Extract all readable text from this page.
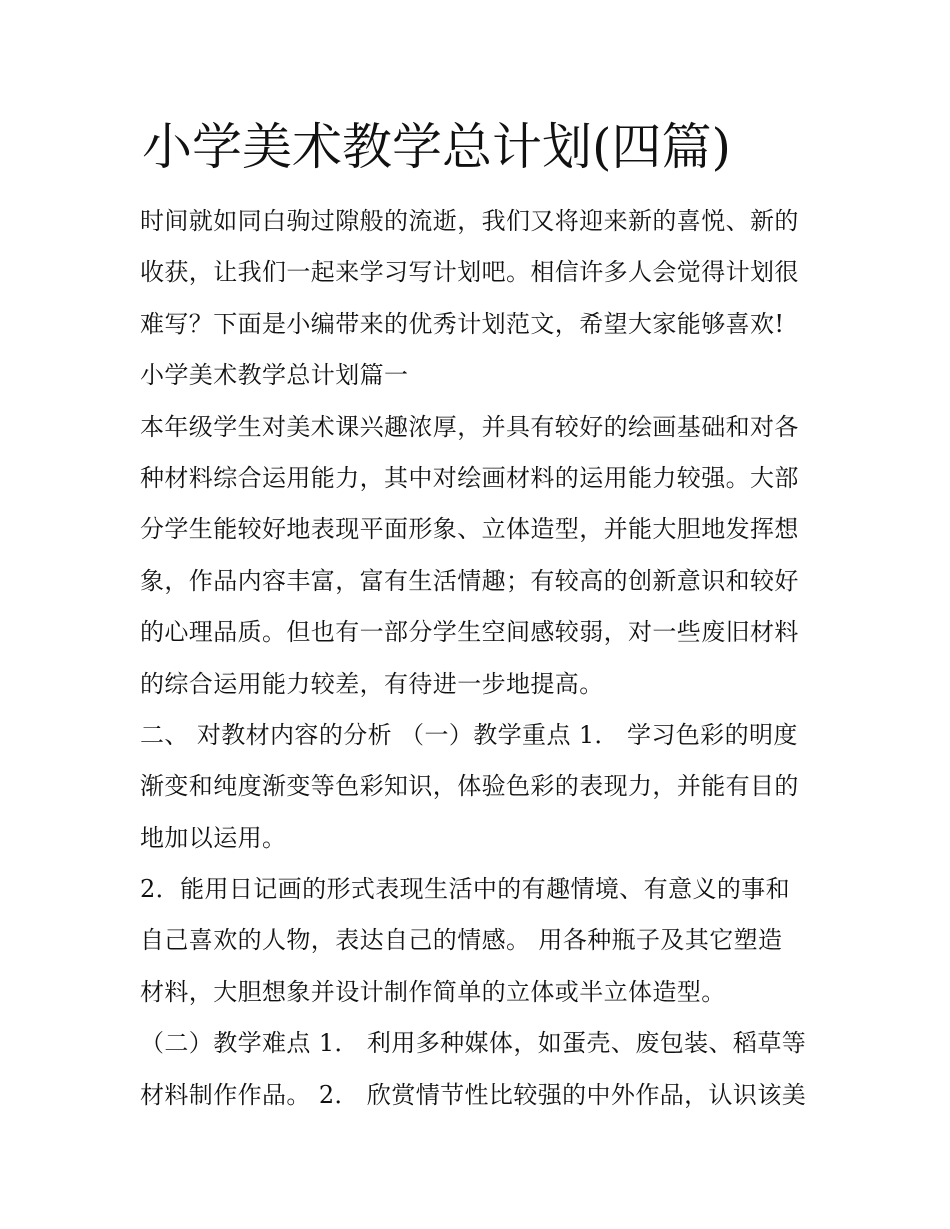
小学美术教学总计划(四篇)
时间就如同白驹过隙般的流逝，我们又将迎来新的喜悦、新的
收获，让我们一起来学习写计划吧。相信许多人会觉得计划很
难写？下面是小编带来的优秀计划范文，希望大家能够喜欢!
小学美术教学总计划篇一
本年级学生对美术课兴趣浓厚，并具有较好的绘画基础和对各
种材料综合运用能力，其中对绘画材料的运用能力较强。大部
分学生能较好地表现平面形象、立体造型，并能大胆地发挥想
象，作品内容丰富，富有生活情趣；有较高的创新意识和较好
的心理品质。但也有一部分学生空间感较弱，对一些废旧材料
的综合运用能力较差，有待进一步地提高。
二、 对教材内容的分析 （一）教学重点 1． 学习色彩的明度
渐变和纯度渐变等色彩知识，体验色彩的表现力，并能有目的
地加以运用。
2．能用日记画的形式表现生活中的有趣情境、有意义的事和
自己喜欢的人物，表达自己的情感。 用各种瓶子及其它塑造
材料，大胆想象并设计制作简单的立体或半立体造型。
（二）教学难点 1． 利用多种媒体，如蛋壳、废包装、稻草等
材料制作作品。 2． 欣赏情节性比较强的中外作品，认识该美
